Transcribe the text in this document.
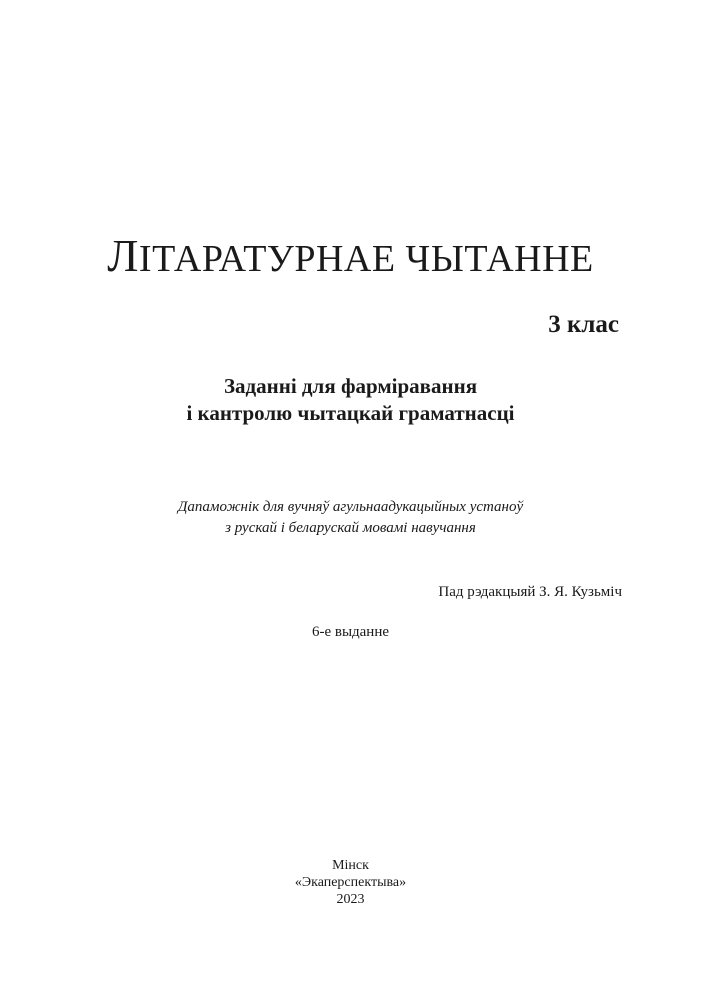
ЛІТАРАТУРНАЕ ЧЫТАННЕ
3 клас
Заданні для фарміравання
і кантролю чытацкай граматнасці
Дапаможнік для вучняў агульнаадукацыйных устаноў
з рускай і беларускай мовамі навучання
Пад рэдакцыяй З. Я. Кузьміч
6-е выданне
Мінск
«Экаперспектыва»
2023
